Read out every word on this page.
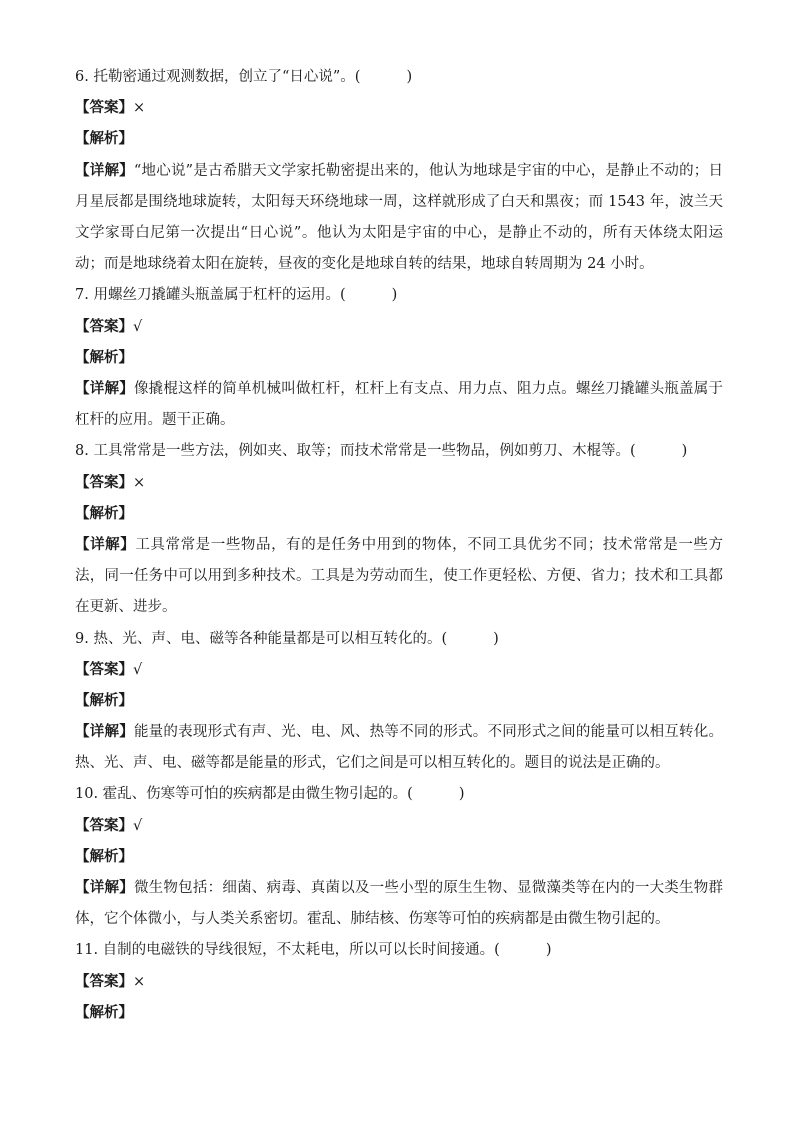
6. 托勒密通过观测数据，创立了“日心说”。(	)
【答案】×
【解析】
【详解】“地心说”是古希腊天文学家托勒密提出来的，他认为地球是宇宙的中心，是静止不动的；日月星辰都是围绕地球旋转，太阳每天环绕地球一周，这样就形成了白天和黑夜；而 1543 年，波兰天文学家哥白尼第一次提出“日心说”。他认为太阳是宇宙的中心，是静止不动的，所有天体绕太阳运动；而是地球绕着太阳在旋转，昼夜的变化是地球自转的结果，地球自转周期为 24 小时。
7. 用螺丝刀撬罐头瓶盖属于杠杆的运用。(	)
【答案】√
【解析】
【详解】像撬棍这样的简单机械叫做杠杆，杠杆上有支点、用力点、阻力点。螺丝刀撬罐头瓶盖属于杠杆的应用。题干正确。
8. 工具常常是一些方法，例如夹、取等；而技术常常是一些物品，例如剪刀、木棍等。(	)
【答案】×
【解析】
【详解】工具常常是一些物品，有的是任务中用到的物体，不同工具优劣不同；技术常常是一些方法，同一任务中可以用到多种技术。工具是为劳动而生，使工作更轻松、方便、省力；技术和工具都在更新、进步。
9. 热、光、声、电、磁等各种能量都是可以相互转化的。(	)
【答案】√
【解析】
【详解】能量的表现形式有声、光、电、风、热等不同的形式。不同形式之间的能量可以相互转化。热、光、声、电、磁等都是能量的形式，它们之间是可以相互转化的。题目的说法是正确的。
10. 霍乱、伤寒等可怕的疾病都是由微生物引起的。(	)
【答案】√
【解析】
【详解】微生物包括：细菌、病毒、真菌以及一些小型的原生生物、显微藻类等在内的一大类生物群体，它个体微小，与人类关系密切。霍乱、肺结核、伤寒等可怕的疾病都是由微生物引起的。
11. 自制的电磁铁的导线很短，不太耗电，所以可以长时间接通。(	)
【答案】×
【解析】
